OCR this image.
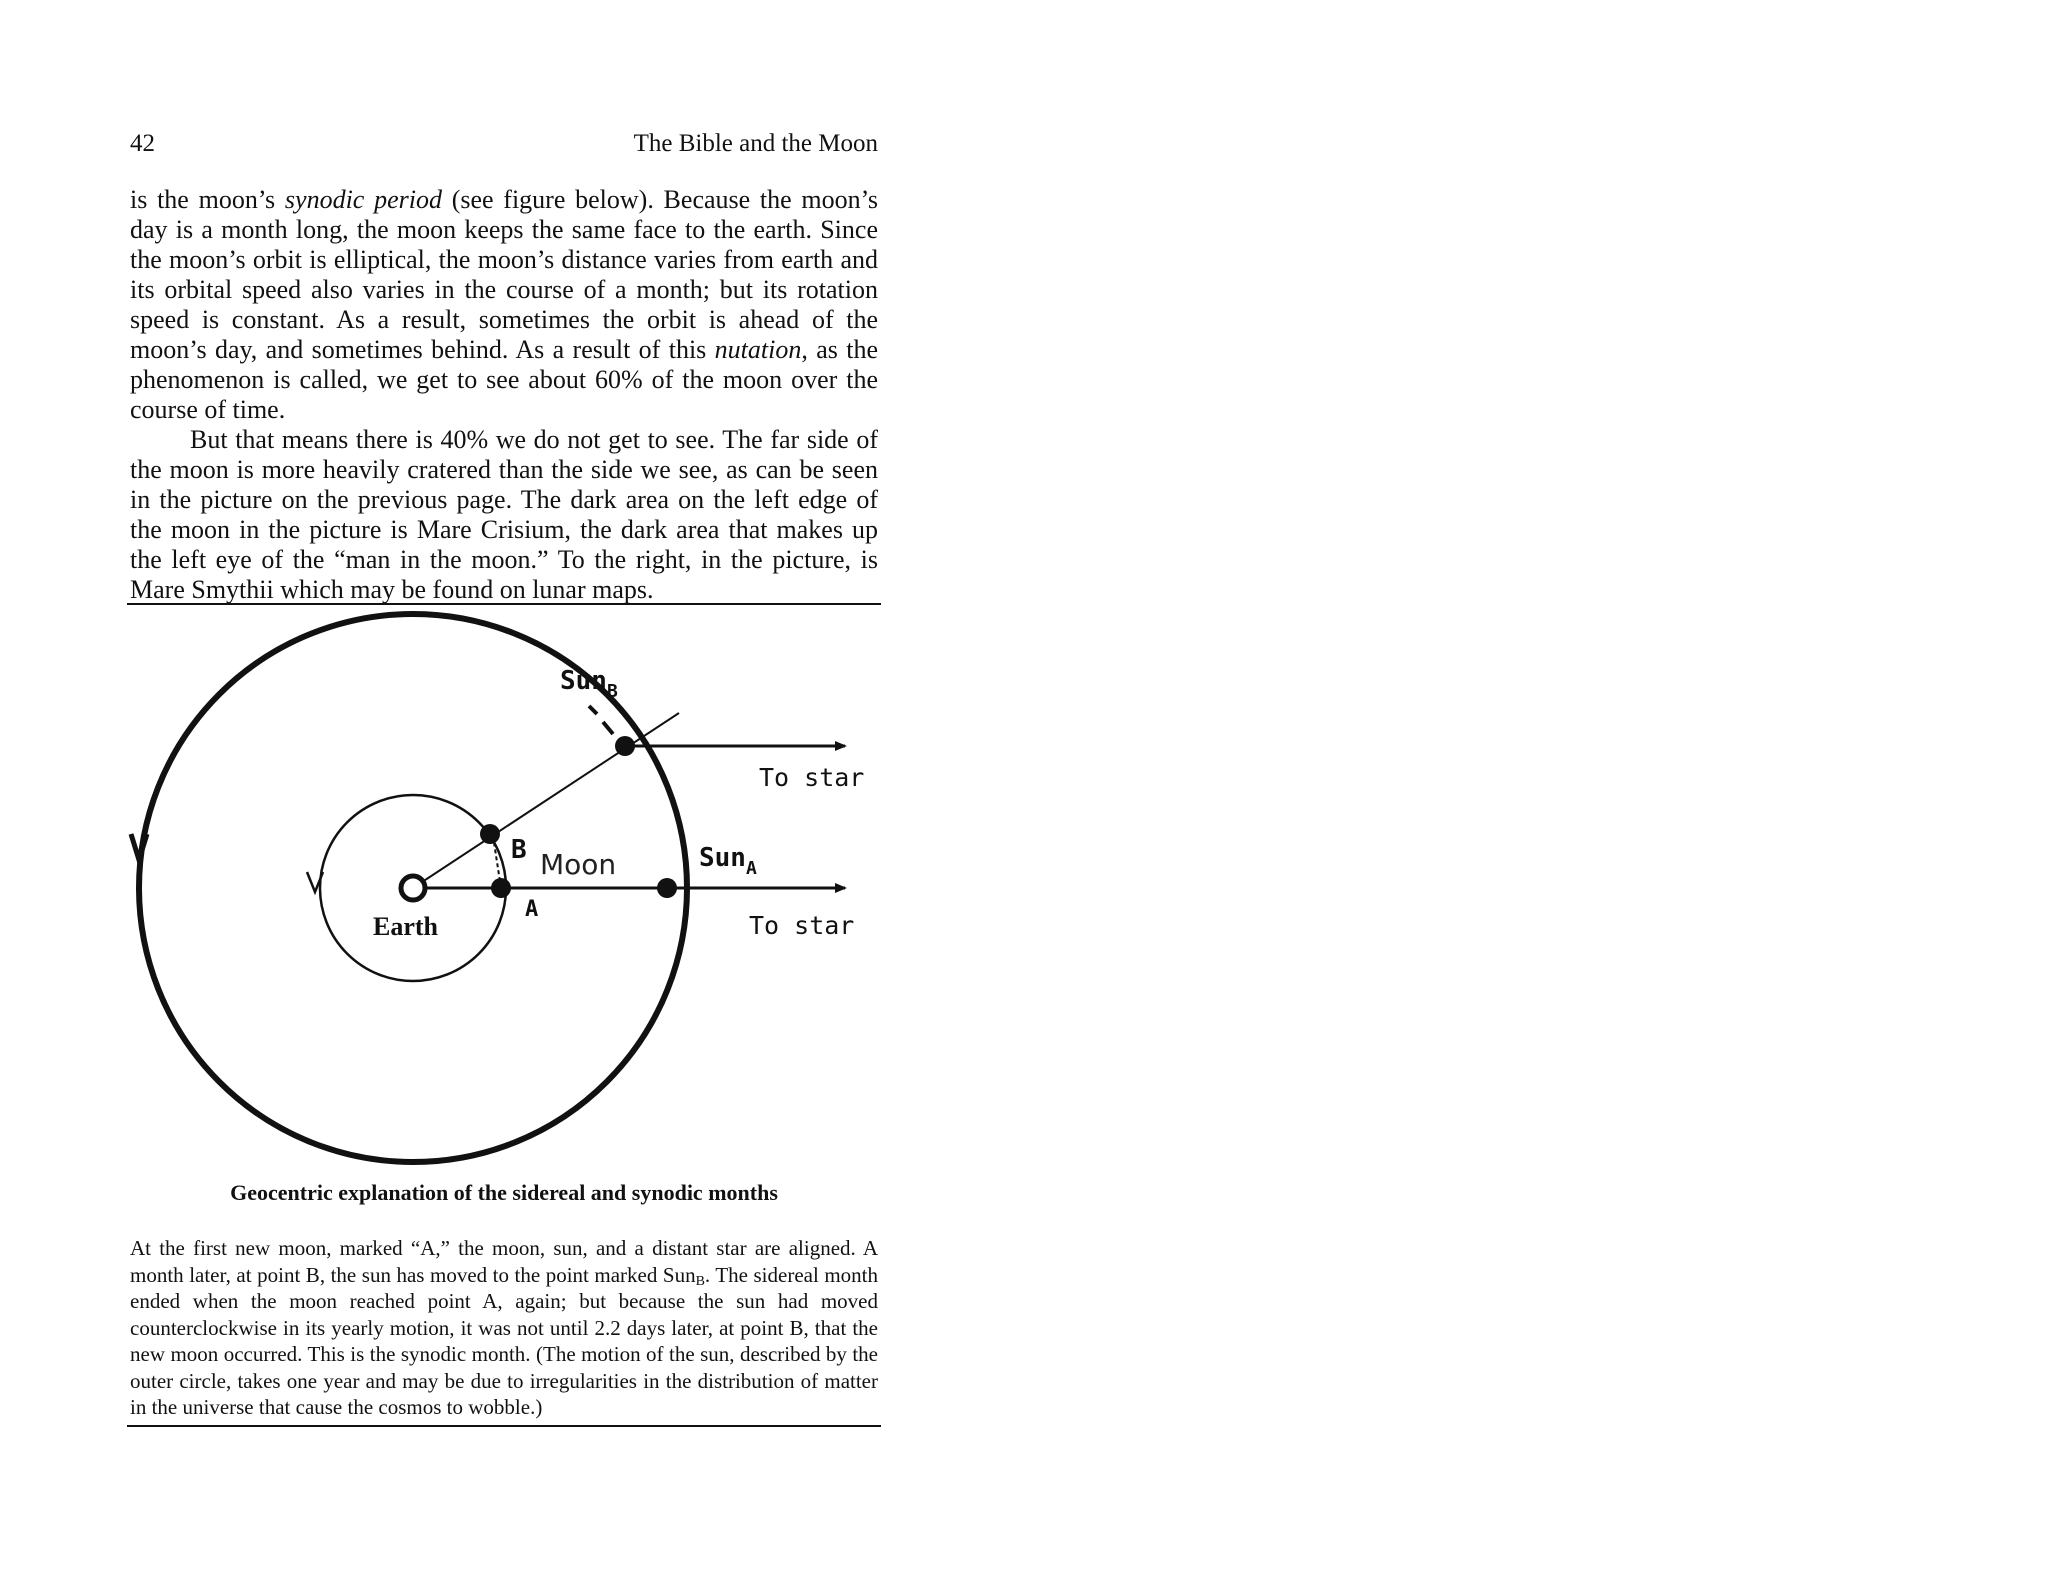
42	The Bible and the Moon

is the moon’s synodic period (see figure below). Because the moon’s day is a month long, the moon keeps the same face to the earth. Since the moon’s orbit is elliptical, the moon’s distance varies from earth and its orbital speed also varies in the course of a month; but its rotation speed is constant. As a result, sometimes the orbit is ahead of the moon’s day, and sometimes behind. As a result of this nutation, as the phenomenon is called, we get to see about 60% of the moon over the course of time.

But that means there is 40% we do not get to see. The far side of the moon is more heavily cratered than the side we see, as can be seen in the picture on the previous page. The dark area on the left edge of the moon in the picture is Mare Crisium, the dark area that makes up the left eye of the “man in the moon.” To the right, in the picture, is Mare Smythii which may be found on lunar maps.

Sun$_B$
To star
Sun$_A$
To star
Moon
B
A
Earth
Geocentric explanation of the sidereal and synodic months
At the first new moon, marked “A,” the moon, sun, and a distant star are aligned. A month later, at point B, the sun has moved to the point marked Sun$_B$. The sidereal month ended when the moon reached point A, again; but because the sun had moved counterclockwise in its yearly motion, it was not until 2.2 days later, at point B, that the new moon occurred. This is the synodic month. (The motion of the sun, described by the outer circle, takes one year and may be due to irregularities in the distribution of matter in the universe that cause the cosmos to wobble.)
